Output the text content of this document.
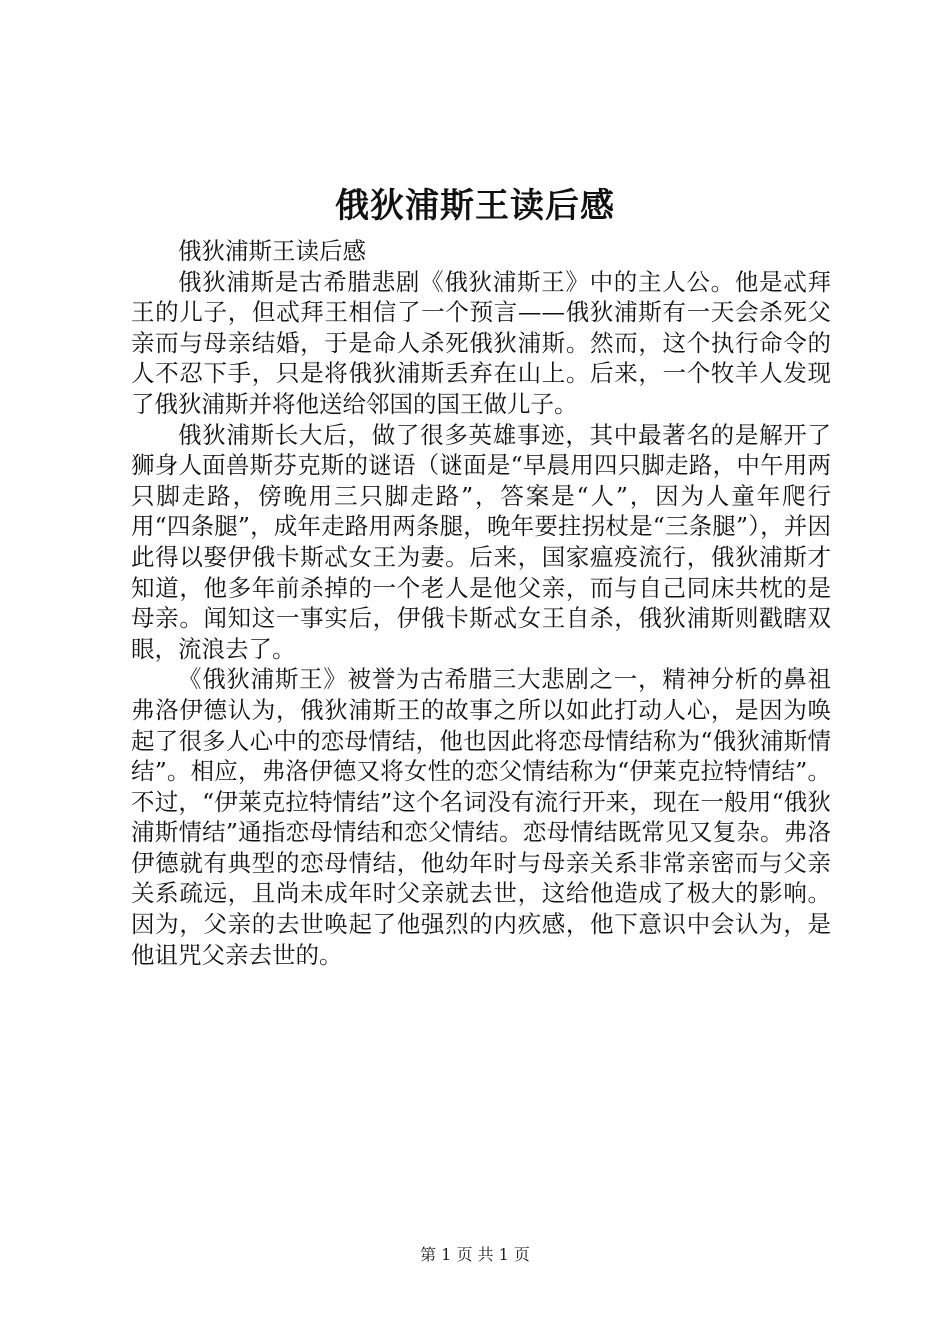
俄狄浦斯王读后感

俄狄浦斯王读后感

俄狄浦斯是古希腊悲剧《俄狄浦斯王》中的主人公。他是忒拜王的儿子，但忒拜王相信了一个预言——俄狄浦斯有一天会杀死父亲而与母亲结婚，于是命人杀死俄狄浦斯。然而，这个执行命令的人不忍下手，只是将俄狄浦斯丢弃在山上。后来，一个牧羊人发现了俄狄浦斯并将他送给邻国的国王做儿子。

俄狄浦斯长大后，做了很多英雄事迹，其中最著名的是解开了狮身人面兽斯芬克斯的谜语（谜面是“早晨用四只脚走路，中午用两只脚走路，傍晚用三只脚走路”，答案是“人”，因为人童年爬行用“四条腿”，成年走路用两条腿，晚年要拄拐杖是“三条腿”），并因此得以娶伊俄卡斯忒女王为妻。后来，国家瘟疫流行，俄狄浦斯才知道，他多年前杀掉的一个老人是他父亲，而与自己同床共枕的是母亲。闻知这一事实后，伊俄卡斯忒女王自杀，俄狄浦斯则戳瞎双眼，流浪去了。

《俄狄浦斯王》被誉为古希腊三大悲剧之一，精神分析的鼻祖弗洛伊德认为，俄狄浦斯王的故事之所以如此打动人心，是因为唤起了很多人心中的恋母情结，他也因此将恋母情结称为“俄狄浦斯情结”。相应，弗洛伊德又将女性的恋父情结称为“伊莱克拉特情结”。不过，“伊莱克拉特情结”这个名词没有流行开来，现在一般用“俄狄浦斯情结”通指恋母情结和恋父情结。恋母情结既常见又复杂。弗洛伊德就有典型的恋母情结，他幼年时与母亲关系非常亲密而与父亲关系疏远，且尚未成年时父亲就去世，这给他造成了极大的影响。因为，父亲的去世唤起了他强烈的内疚感，他下意识中会认为，是他诅咒父亲去世的。

第 1 页 共 1 页
